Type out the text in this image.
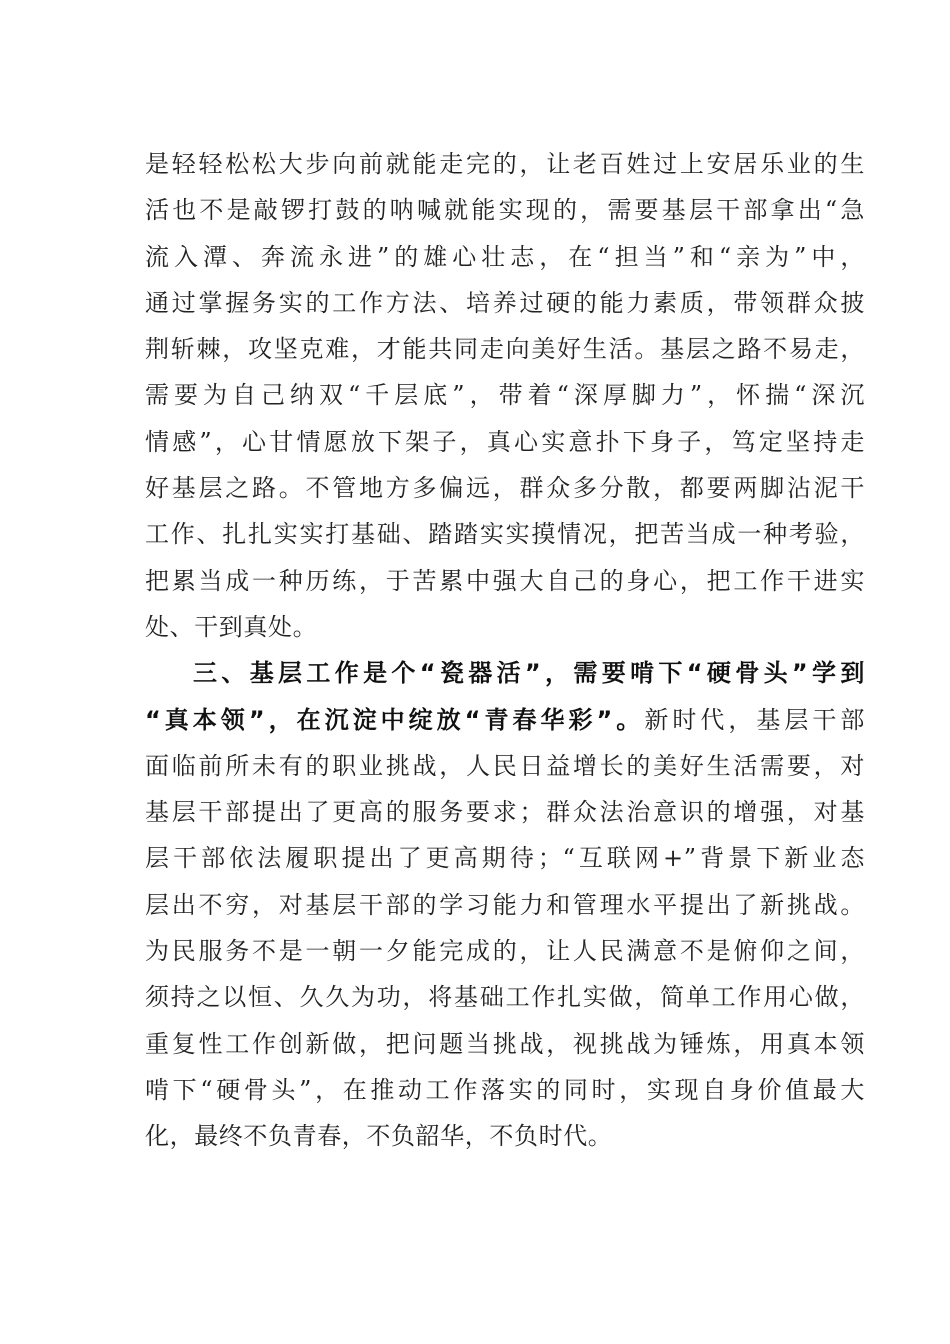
是轻轻松松大步向前就能走完的，让老百姓过上安居乐业的生
活也不是敲锣打鼓的呐喊就能实现的，需要基层干部拿出“急
流入潭、奔流永进”的雄心壮志，在“担当”和“亲为”中，
通过掌握务实的工作方法、培养过硬的能力素质，带领群众披
荆斩棘，攻坚克难，才能共同走向美好生活。基层之路不易走，
需要为自己纳双“千层底”，带着“深厚脚力”，怀揣“深沉
情感”，心甘情愿放下架子，真心实意扑下身子，笃定坚持走
好基层之路。不管地方多偏远，群众多分散，都要两脚沾泥干
工作、扎扎实实打基础、踏踏实实摸情况，把苦当成一种考验，
把累当成一种历练，于苦累中强大自己的身心，把工作干进实
处、干到真处。
三、基层工作是个“瓷器活”，需要啃下“硬骨头”学到
“真本领”，在沉淀中绽放“青春华彩”。新时代，基层干部
面临前所未有的职业挑战，人民日益增长的美好生活需要，对
基层干部提出了更高的服务要求；群众法治意识的增强，对基
层干部依法履职提出了更高期待；“互联网+”背景下新业态
层出不穷，对基层干部的学习能力和管理水平提出了新挑战。
为民服务不是一朝一夕能完成的，让人民满意不是俯仰之间，
须持之以恒、久久为功，将基础工作扎实做，简单工作用心做，
重复性工作创新做，把问题当挑战，视挑战为锤炼，用真本领
啃下“硬骨头”，在推动工作落实的同时，实现自身价值最大
化，最终不负青春，不负韶华，不负时代。
